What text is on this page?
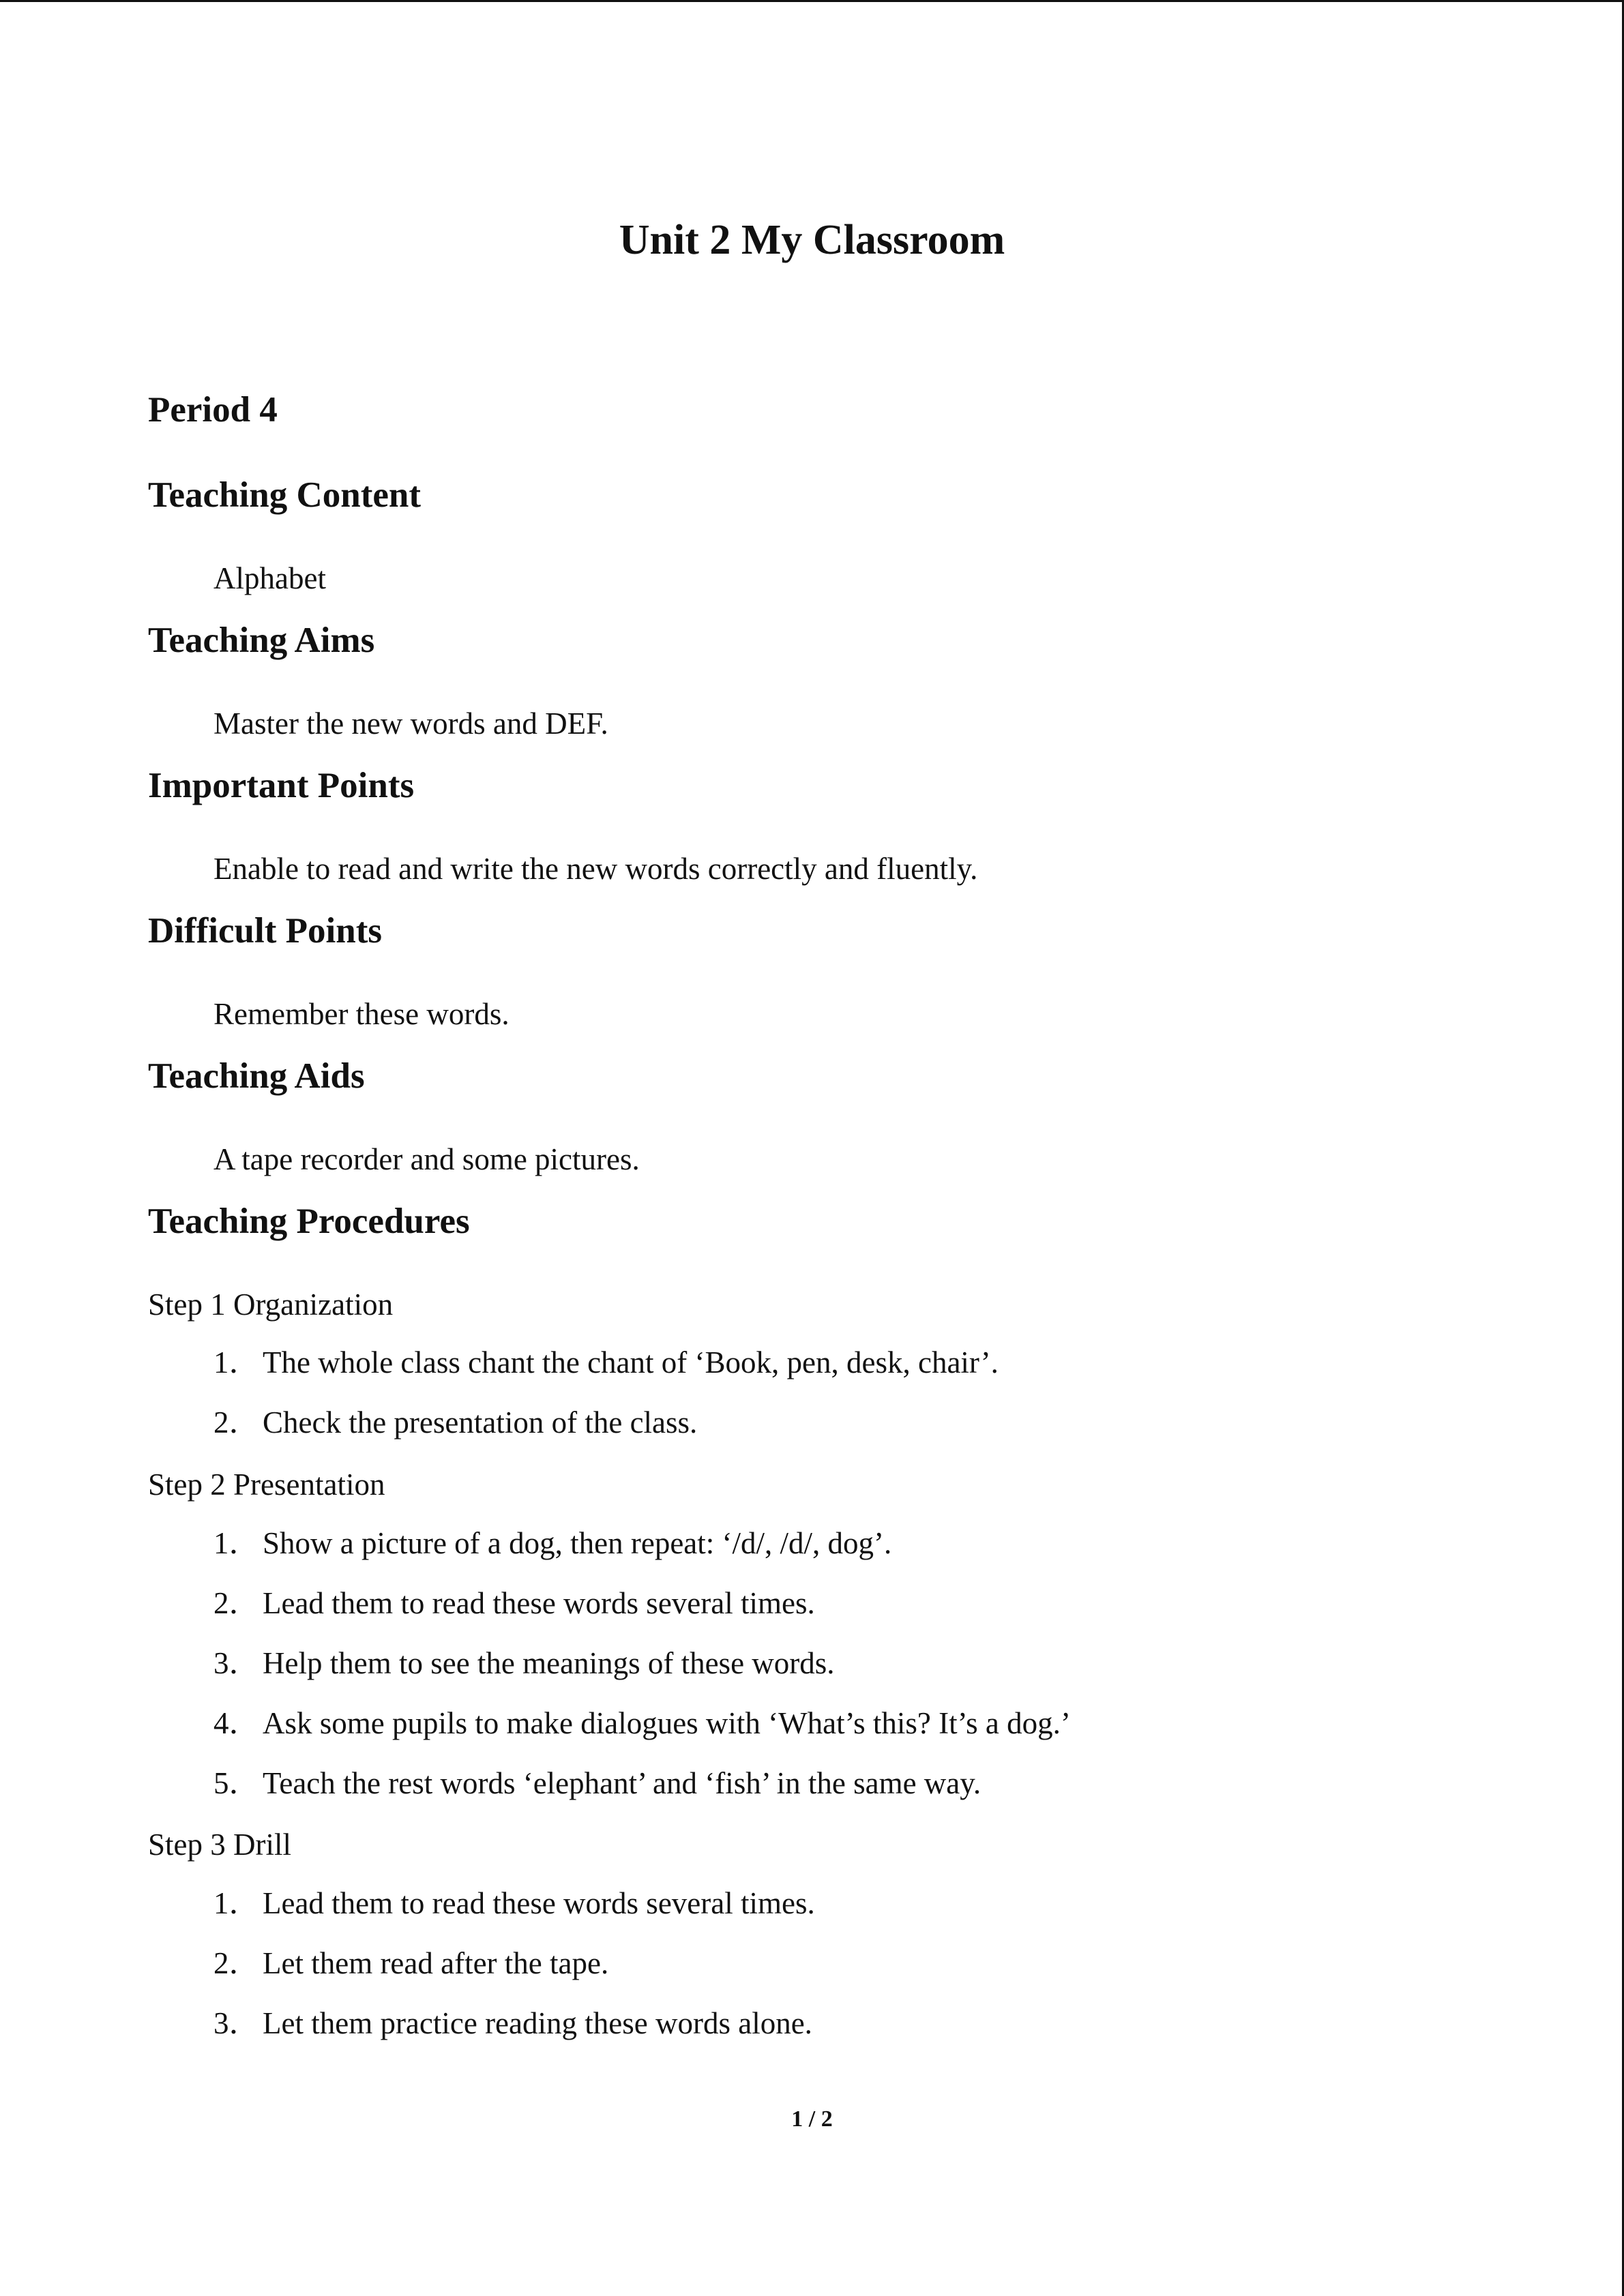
Unit 2 My Classroom
Period 4
Teaching Content
Alphabet
Teaching Aims
Master the new words and DEF.
Important Points
Enable to read and write the new words correctly and fluently.
Difficult Points
Remember these words.
Teaching Aids
A tape recorder and some pictures.
Teaching Procedures
Step 1 Organization
1．The whole class chant the chant of ‘Book, pen, desk, chair’.
2．Check the presentation of the class.
Step 2 Presentation
1．Show a picture of a dog, then repeat: ‘/d/, /d/, dog’.
2．Lead them to read these words several times.
3．Help them to see the meanings of these words.
4．Ask some pupils to make dialogues with ‘What’s this? It’s a dog.’
5．Teach the rest words ‘elephant’ and ‘fish’ in the same way.
Step 3 Drill
1．Lead them to read these words several times.
2．Let them read after the tape.
3．Let them practice reading these words alone.
1 / 2
